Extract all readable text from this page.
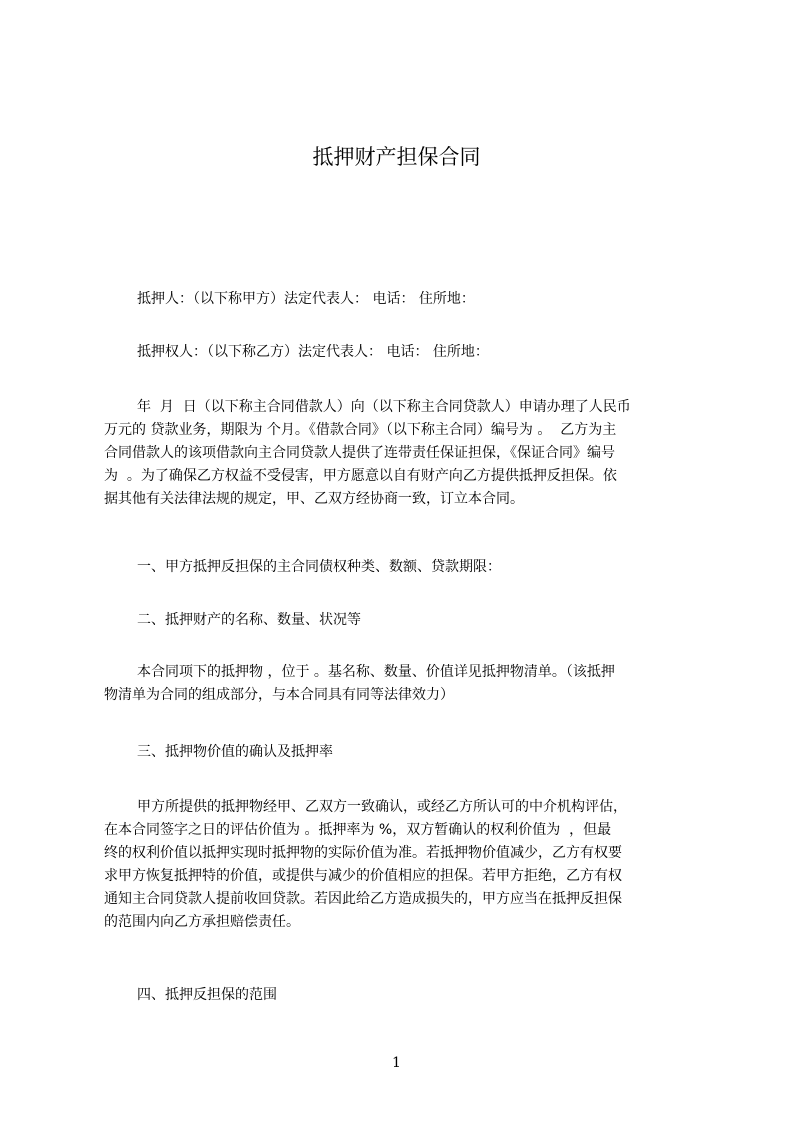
抵押财产担保合同
抵押人：（以下称甲方）法定代表人： 电话： 住所地：
抵押权人：（以下称乙方）法定代表人： 电话： 住所地：
年  月  日（以下称主合同借款人）向（以下称主合同贷款人）申请办理了人民币
万元的 贷款业务，期限为 个月。《借款合同》（以下称主合同）编号为 。  乙方为主
合同借款人的该项借款向主合同贷款人提供了连带责任保证担保，《保证合同》编号
为  。为了确保乙方权益不受侵害，甲方愿意以自有财产向乙方提供抵押反担保。依
据其他有关法律法规的规定，甲、乙双方经协商一致，订立本合同。
一、甲方抵押反担保的主合同债权种类、数额、贷款期限：
二、抵押财产的名称、数量、状况等
本合同项下的抵押物 ，位于 。基名称、数量、价值详见抵押物清单。（该抵押
物清单为合同的组成部分，与本合同具有同等法律效力）
三、抵押物价值的确认及抵押率
甲方所提供的抵押物经甲、乙双方一致确认，或经乙方所认可的中介机构评估，
在本合同签字之日的评估价值为 。抵押率为 %，双方暂确认的权利价值为  ，但最
终的权利价值以抵押实现时抵押物的实际价值为准。若抵押物价值减少，乙方有权要
求甲方恢复抵押特的价值，或提供与减少的价值相应的担保。若甲方拒绝，乙方有权
通知主合同贷款人提前收回贷款。若因此给乙方造成损失的，甲方应当在抵押反担保
的范围内向乙方承担赔偿责任。
四、抵押反担保的范围
1
